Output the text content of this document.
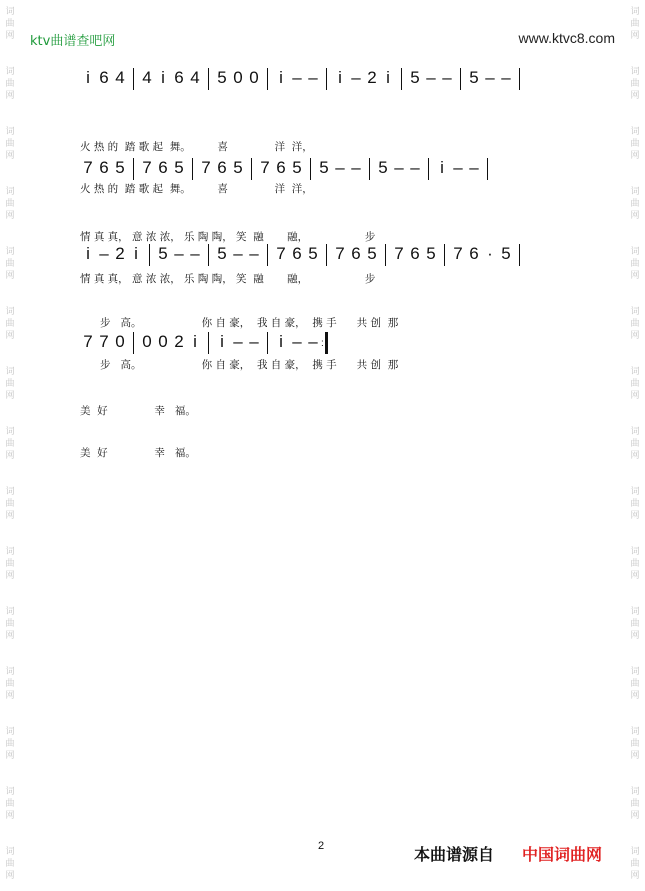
词
曲
网
词
曲
网
词
曲
网
词
曲
网
词
曲
网
词
曲
网
词
曲
网
词
曲
网
词
曲
网
词
曲
网
词
曲
网
词
曲
网
词
曲
网
词
曲
网
词
曲
网
词
曲
网
词
曲
网
词
曲
网
词
曲
网
词
曲
网
词
曲
网
词
曲
网
词
曲
网
词
曲
网
词
曲
网
词
曲
网
词
曲
网
词
曲
网
词
曲
网
词
曲
网
ktv曲谱查吧网	www.ktvc8.com
i 6 4 4 i 6 4 5 0 0 i – – i – 2 i 5 – – 5 – –

火 热 的  踏 歌 起  舞。        喜              洋  洋，

火 热 的  踏 歌 起  舞。        喜              洋  洋，

7 6 5 7 6 5 7 6 5 7 6 5 5 – – 5 – – i – –

情 真 真， 意 浓 浓， 乐 陶 陶， 笑  融       融，                 步

情 真 真， 意 浓 浓， 乐 陶 陶， 笑  融       融，                 步

i – 2 i 5 – – 5 – – 7 6 5 7 6 5 7 6 5 7 6 · 5

步   高。                  你 自 豪，  我 自 豪，  携 手      共 创  那

步   高。                  你 自 豪，  我 自 豪，  携 手      共 创  那

7 7 0 0 0 2 i i – – i – – :

美  好              幸   福。

美  好              幸   福。

2	本曲谱源自 中国词曲网
